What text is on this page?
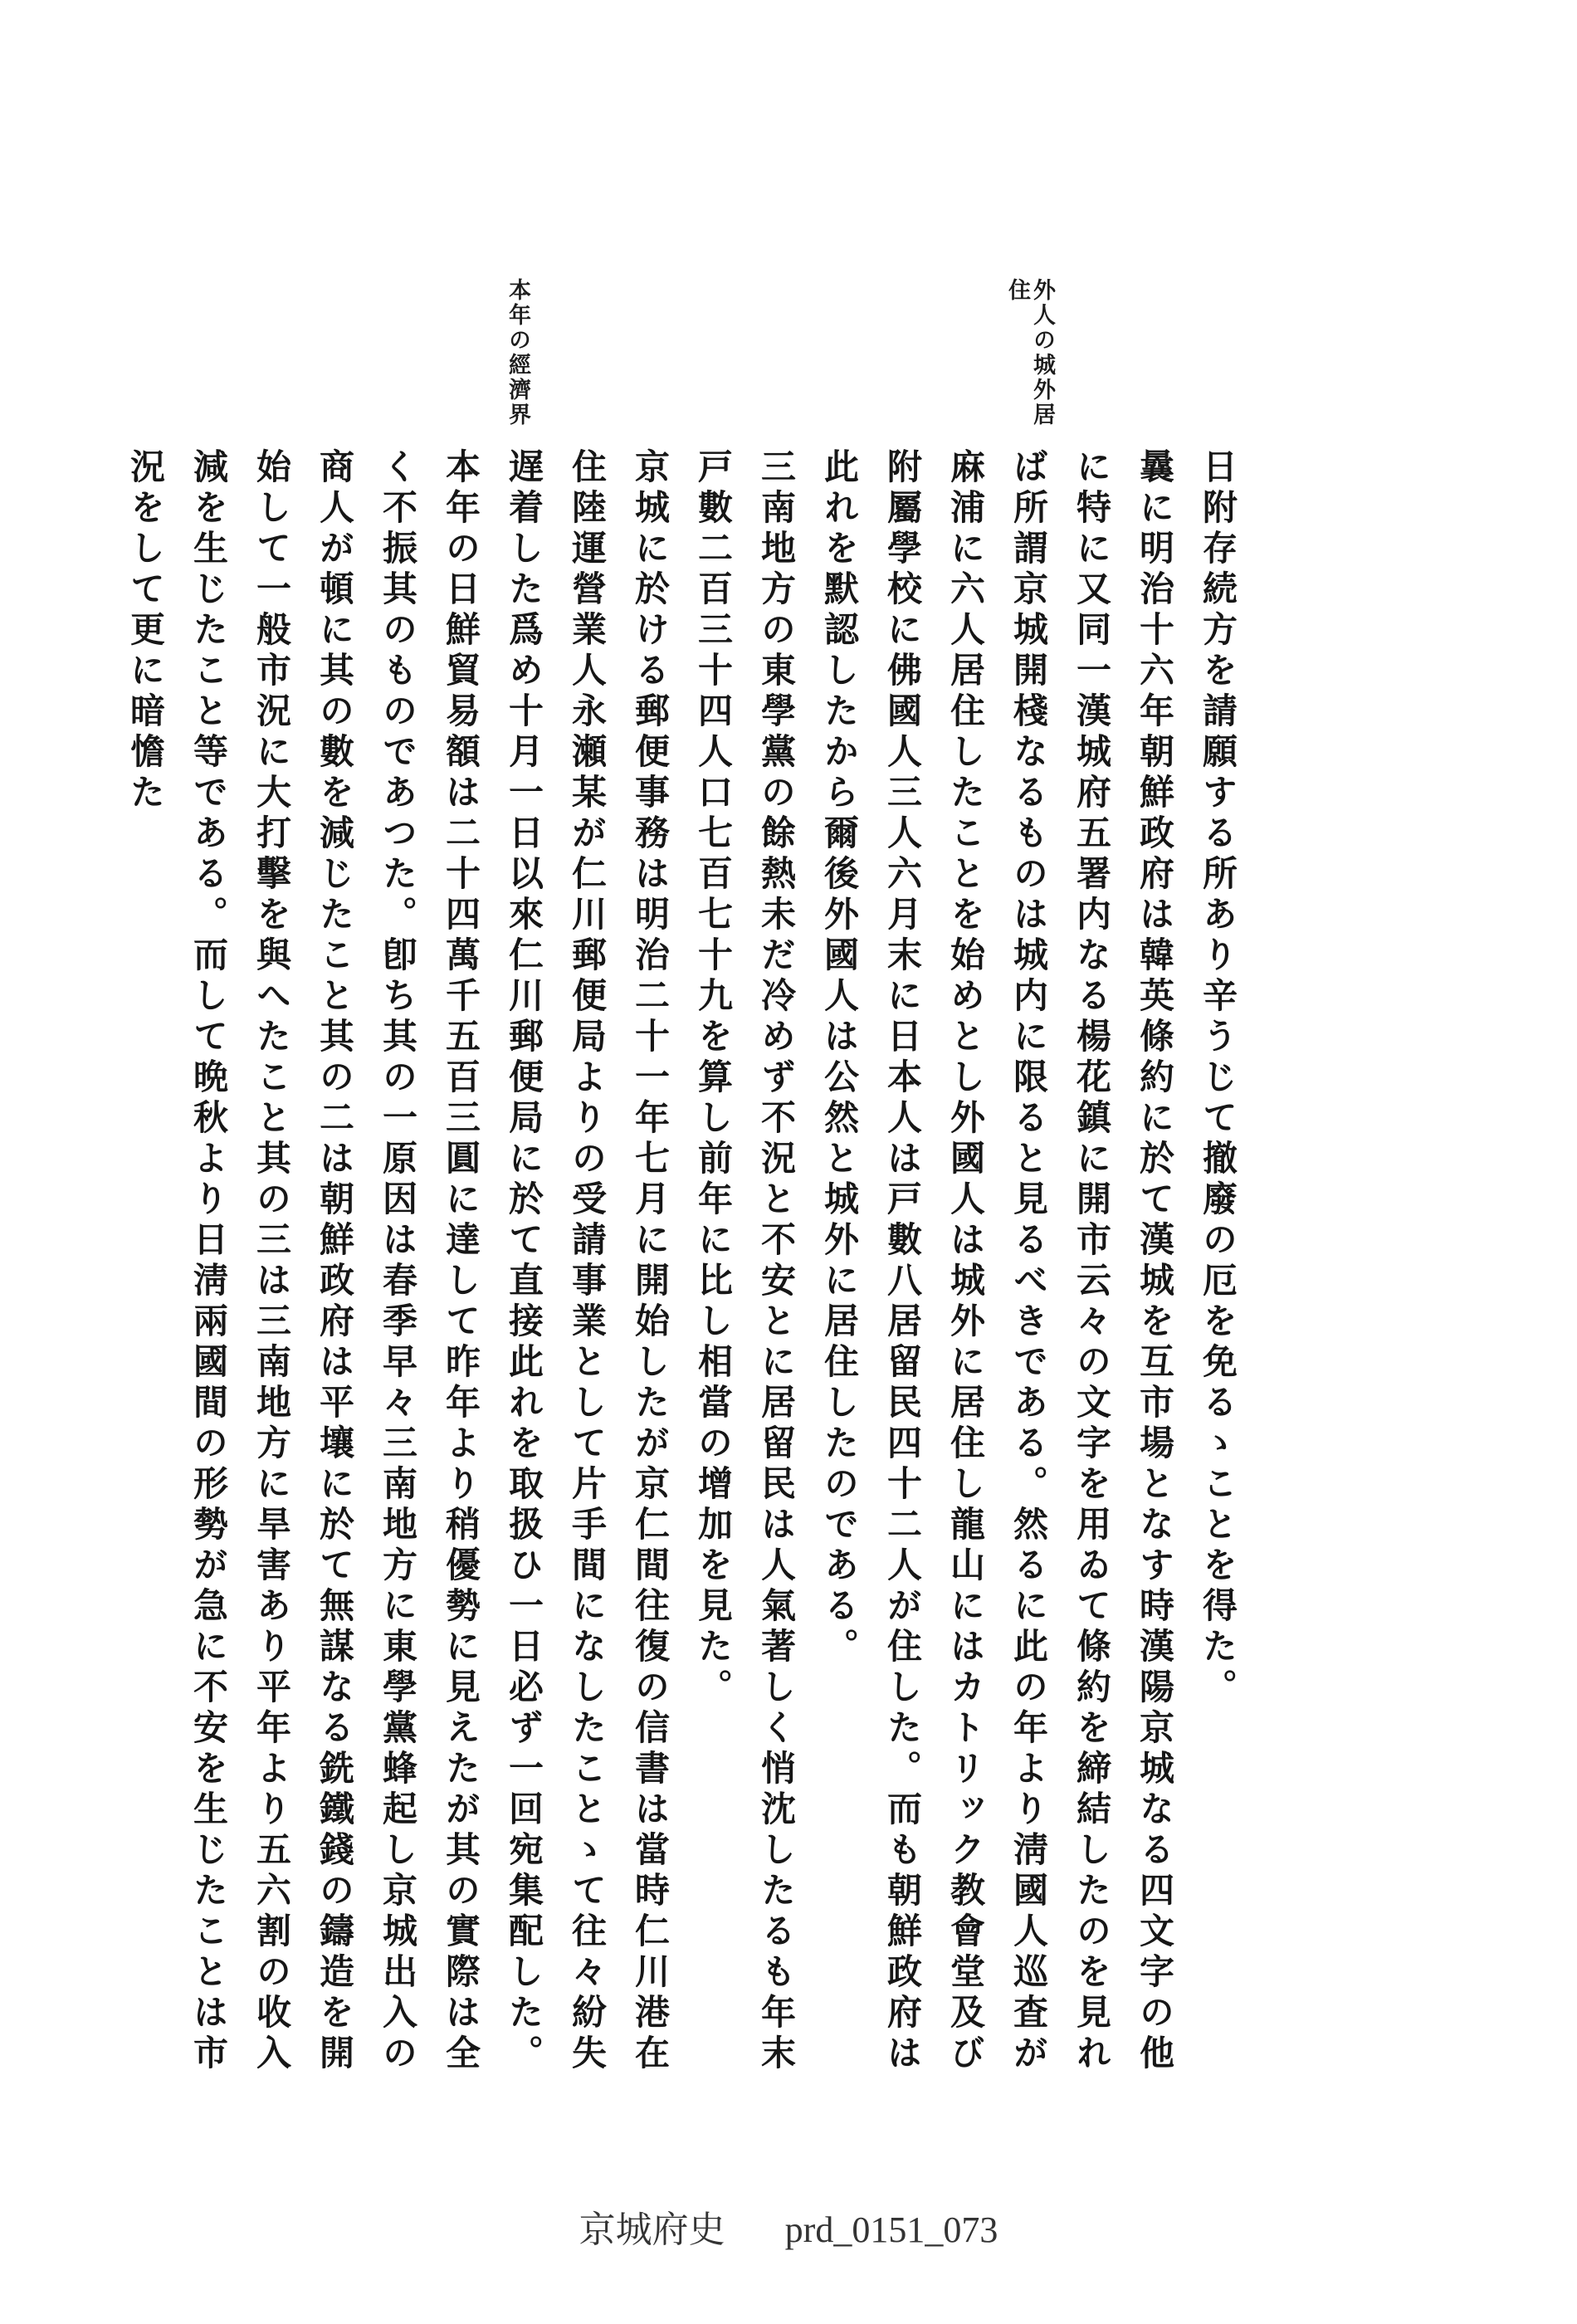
外人の城外居住
本年の經濟界

日附存続方を請願する所あり辛うじて撤廢の厄を免るゝことを得た。

曩に明治十六年朝鮮政府は韓英條約に於て漢城を互市場となす時漢陽京城なる四文字の他に特に又同一漢城府五署内なる楊花鎮に開市云々の文字を用ゐて條約を締結したのを見れば所謂京城開棧なるものは城内に限ると見るべきである。然るに此の年より淸國人巡査が麻浦に六人居住したことを始めとし外國人は城外に居住し龍山にはカトリック教會堂及び附屬學校に佛國人三人六月末に日本人は戸數八居留民四十二人が住した。而も朝鮮政府は此れを默認したから爾後外國人は公然と城外に居住したのである。

三南地方の東學黨の餘熱未だ冷めず不況と不安とに居留民は人氣著しく悄沈したるも年末戸數二百三十四人口七百七十九を算し前年に比し相當の增加を見た。

京城に於ける郵便事務は明治二十一年七月に開始したが京仁間往復の信書は當時仁川港在住陸運營業人永瀬某が仁川郵便局よりの受請事業として片手間になしたことゝて往々紛失遅着した爲め十月一日以來仁川郵便局に於て直接此れを取扱ひ一日必ず一回宛集配した。

本年の日鮮貿易額は二十四萬千五百三圓に達して昨年より稍優勢に見えたが其の實際は全く不振其のものであつた。卽ち其の一原因は春季早々三南地方に東學黨蜂起し京城出入の商人が頓に其の數を減じたこと其の二は朝鮮政府は平壤に於て無謀なる銑鐵錢の鑄造を開始して一般市況に大打擊を與へたこと其の三は三南地方に旱害あり平年より五六割の收入減を生じたこと等である。而して晩秋より日淸兩國間の形勢が急に不安を生じたことは市況をして更に暗憺た

京城府史 prd_0151_073
